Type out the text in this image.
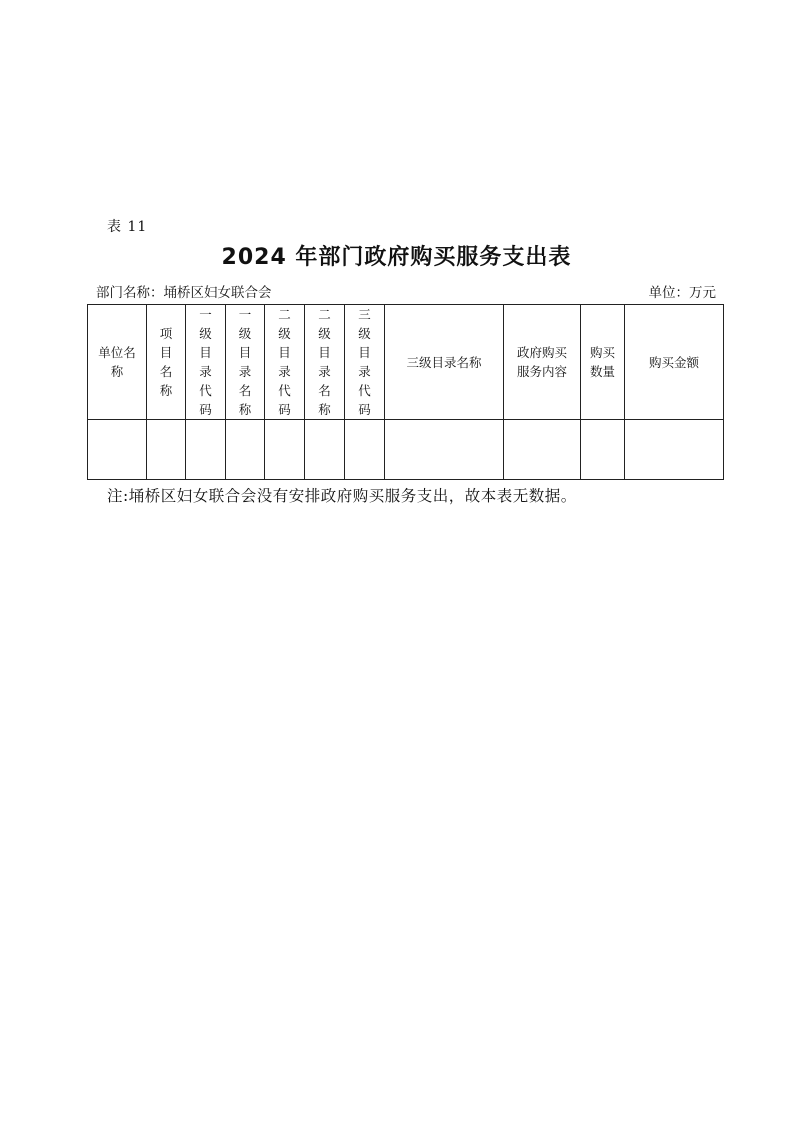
表 11
2024 年部门政府购买服务支出表
部门名称：埇桥区妇女联合会	单位：万元
单位名称	项目名称	一级目录代码	一级目录名称	二级目录代码	二级目录名称	三级目录代码	三级目录名称	政府购买服务内容	购买数量	购买金额

注:埇桥区妇女联合会没有安排政府购买服务支出，故本表无数据。
